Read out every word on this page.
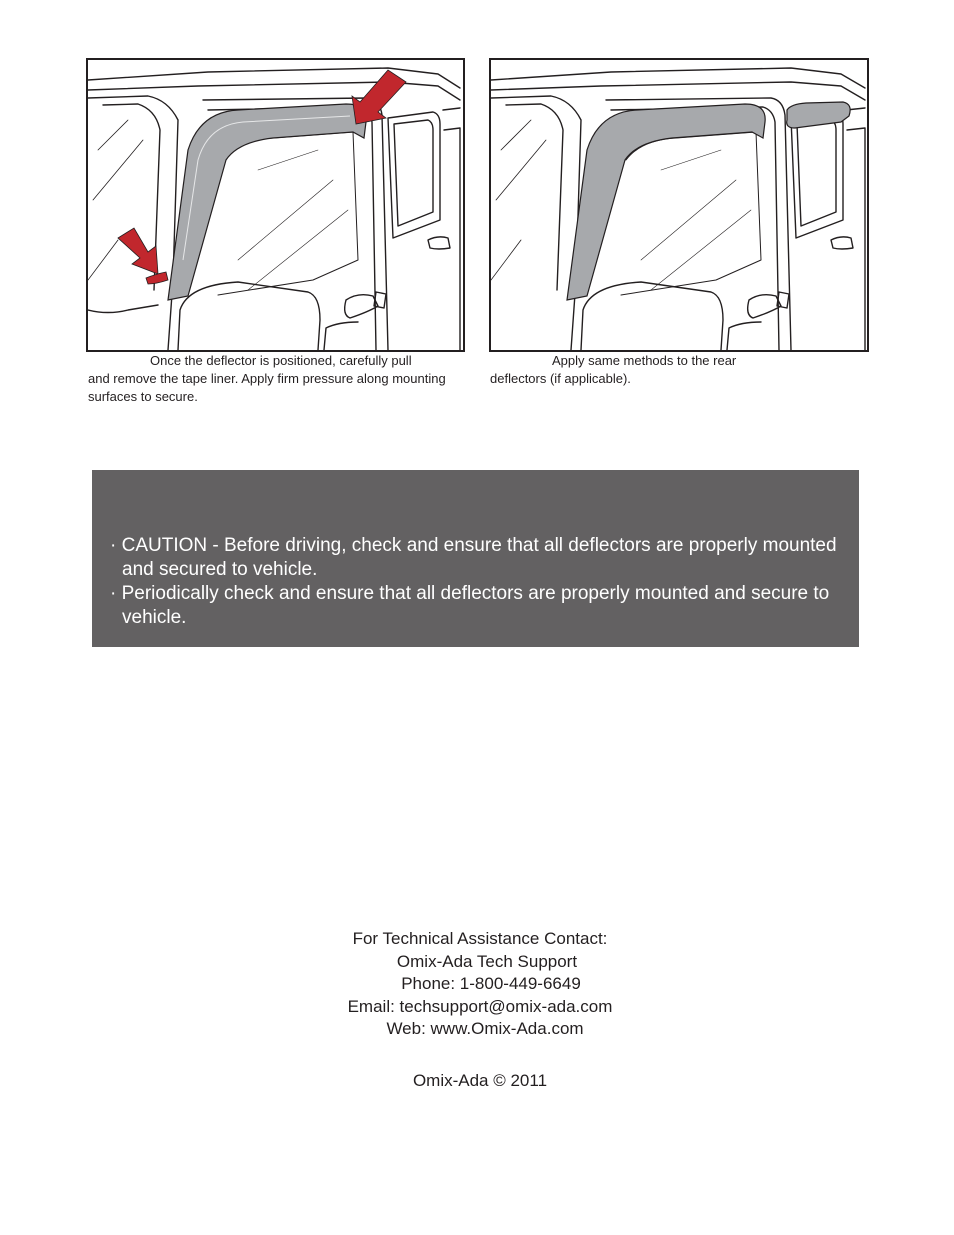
Once the deflector is positioned, carefully pull
and remove the tape liner. Apply firm pressure along mounting surfaces to secure.
Apply same methods to the rear
deflectors (if applicable).
· CAUTION - Before driving, check and ensure that all deflectors are properly mounted and secured to vehicle.
· Periodically check and ensure that all deflectors are properly mounted and secure to vehicle.
For Technical Assistance Contact:
Omix-Ada Tech Support
Phone: 1-800-449-6649
Email: techsupport@omix-ada.com
Web: www.Omix-Ada.com
Omix-Ada © 2011
